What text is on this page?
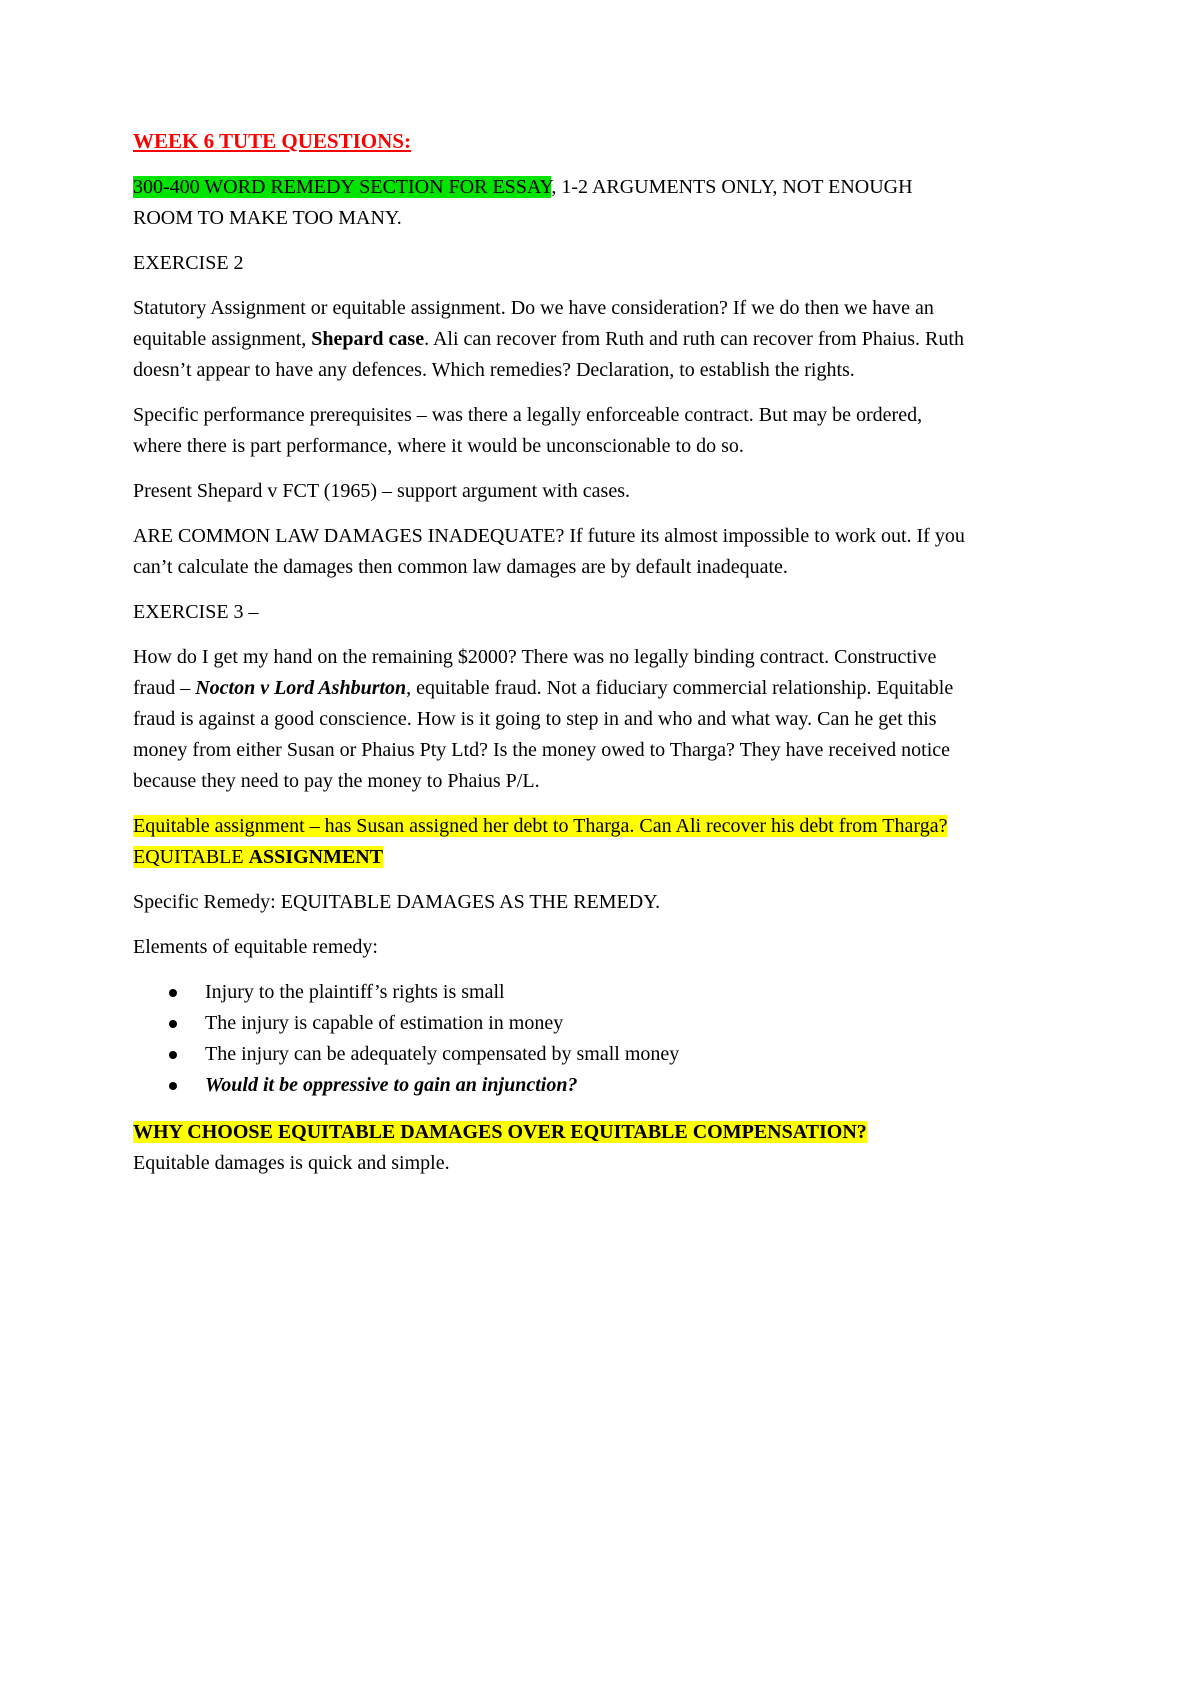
WEEK 6 TUTE QUESTIONS:

300-400 WORD REMEDY SECTION FOR ESSAY, 1-2 ARGUMENTS ONLY, NOT ENOUGH ROOM TO MAKE TOO MANY.

EXERCISE 2

Statutory Assignment or equitable assignment. Do we have consideration? If we do then we have an equitable assignment, Shepard case. Ali can recover from Ruth and ruth can recover from Phaius. Ruth doesn’t appear to have any defences. Which remedies? Declaration, to establish the rights.

Specific performance prerequisites – was there a legally enforceable contract. But may be ordered, where there is part performance, where it would be unconscionable to do so.

Present Shepard v FCT (1965) – support argument with cases.

ARE COMMON LAW DAMAGES INADEQUATE? If future its almost impossible to work out. If you can’t calculate the damages then common law damages are by default inadequate.

EXERCISE 3 –

How do I get my hand on the remaining $2000? There was no legally binding contract. Constructive fraud – Nocton v Lord Ashburton, equitable fraud. Not a fiduciary commercial relationship. Equitable fraud is against a good conscience. How is it going to step in and who and what way. Can he get this money from either Susan or Phaius Pty Ltd? Is the money owed to Tharga? They have received notice because they need to pay the money to Phaius P/L.

Equitable assignment – has Susan assigned her debt to Tharga. Can Ali recover his debt from Tharga? EQUITABLE ASSIGNMENT

Specific Remedy: EQUITABLE DAMAGES AS THE REMEDY.

Elements of equitable remedy:

Injury to the plaintiff’s rights is small
The injury is capable of estimation in money
The injury can be adequately compensated by small money
Would it be oppressive to gain an injunction?

WHY CHOOSE EQUITABLE DAMAGES OVER EQUITABLE COMPENSATION?

Equitable damages is quick and simple.
